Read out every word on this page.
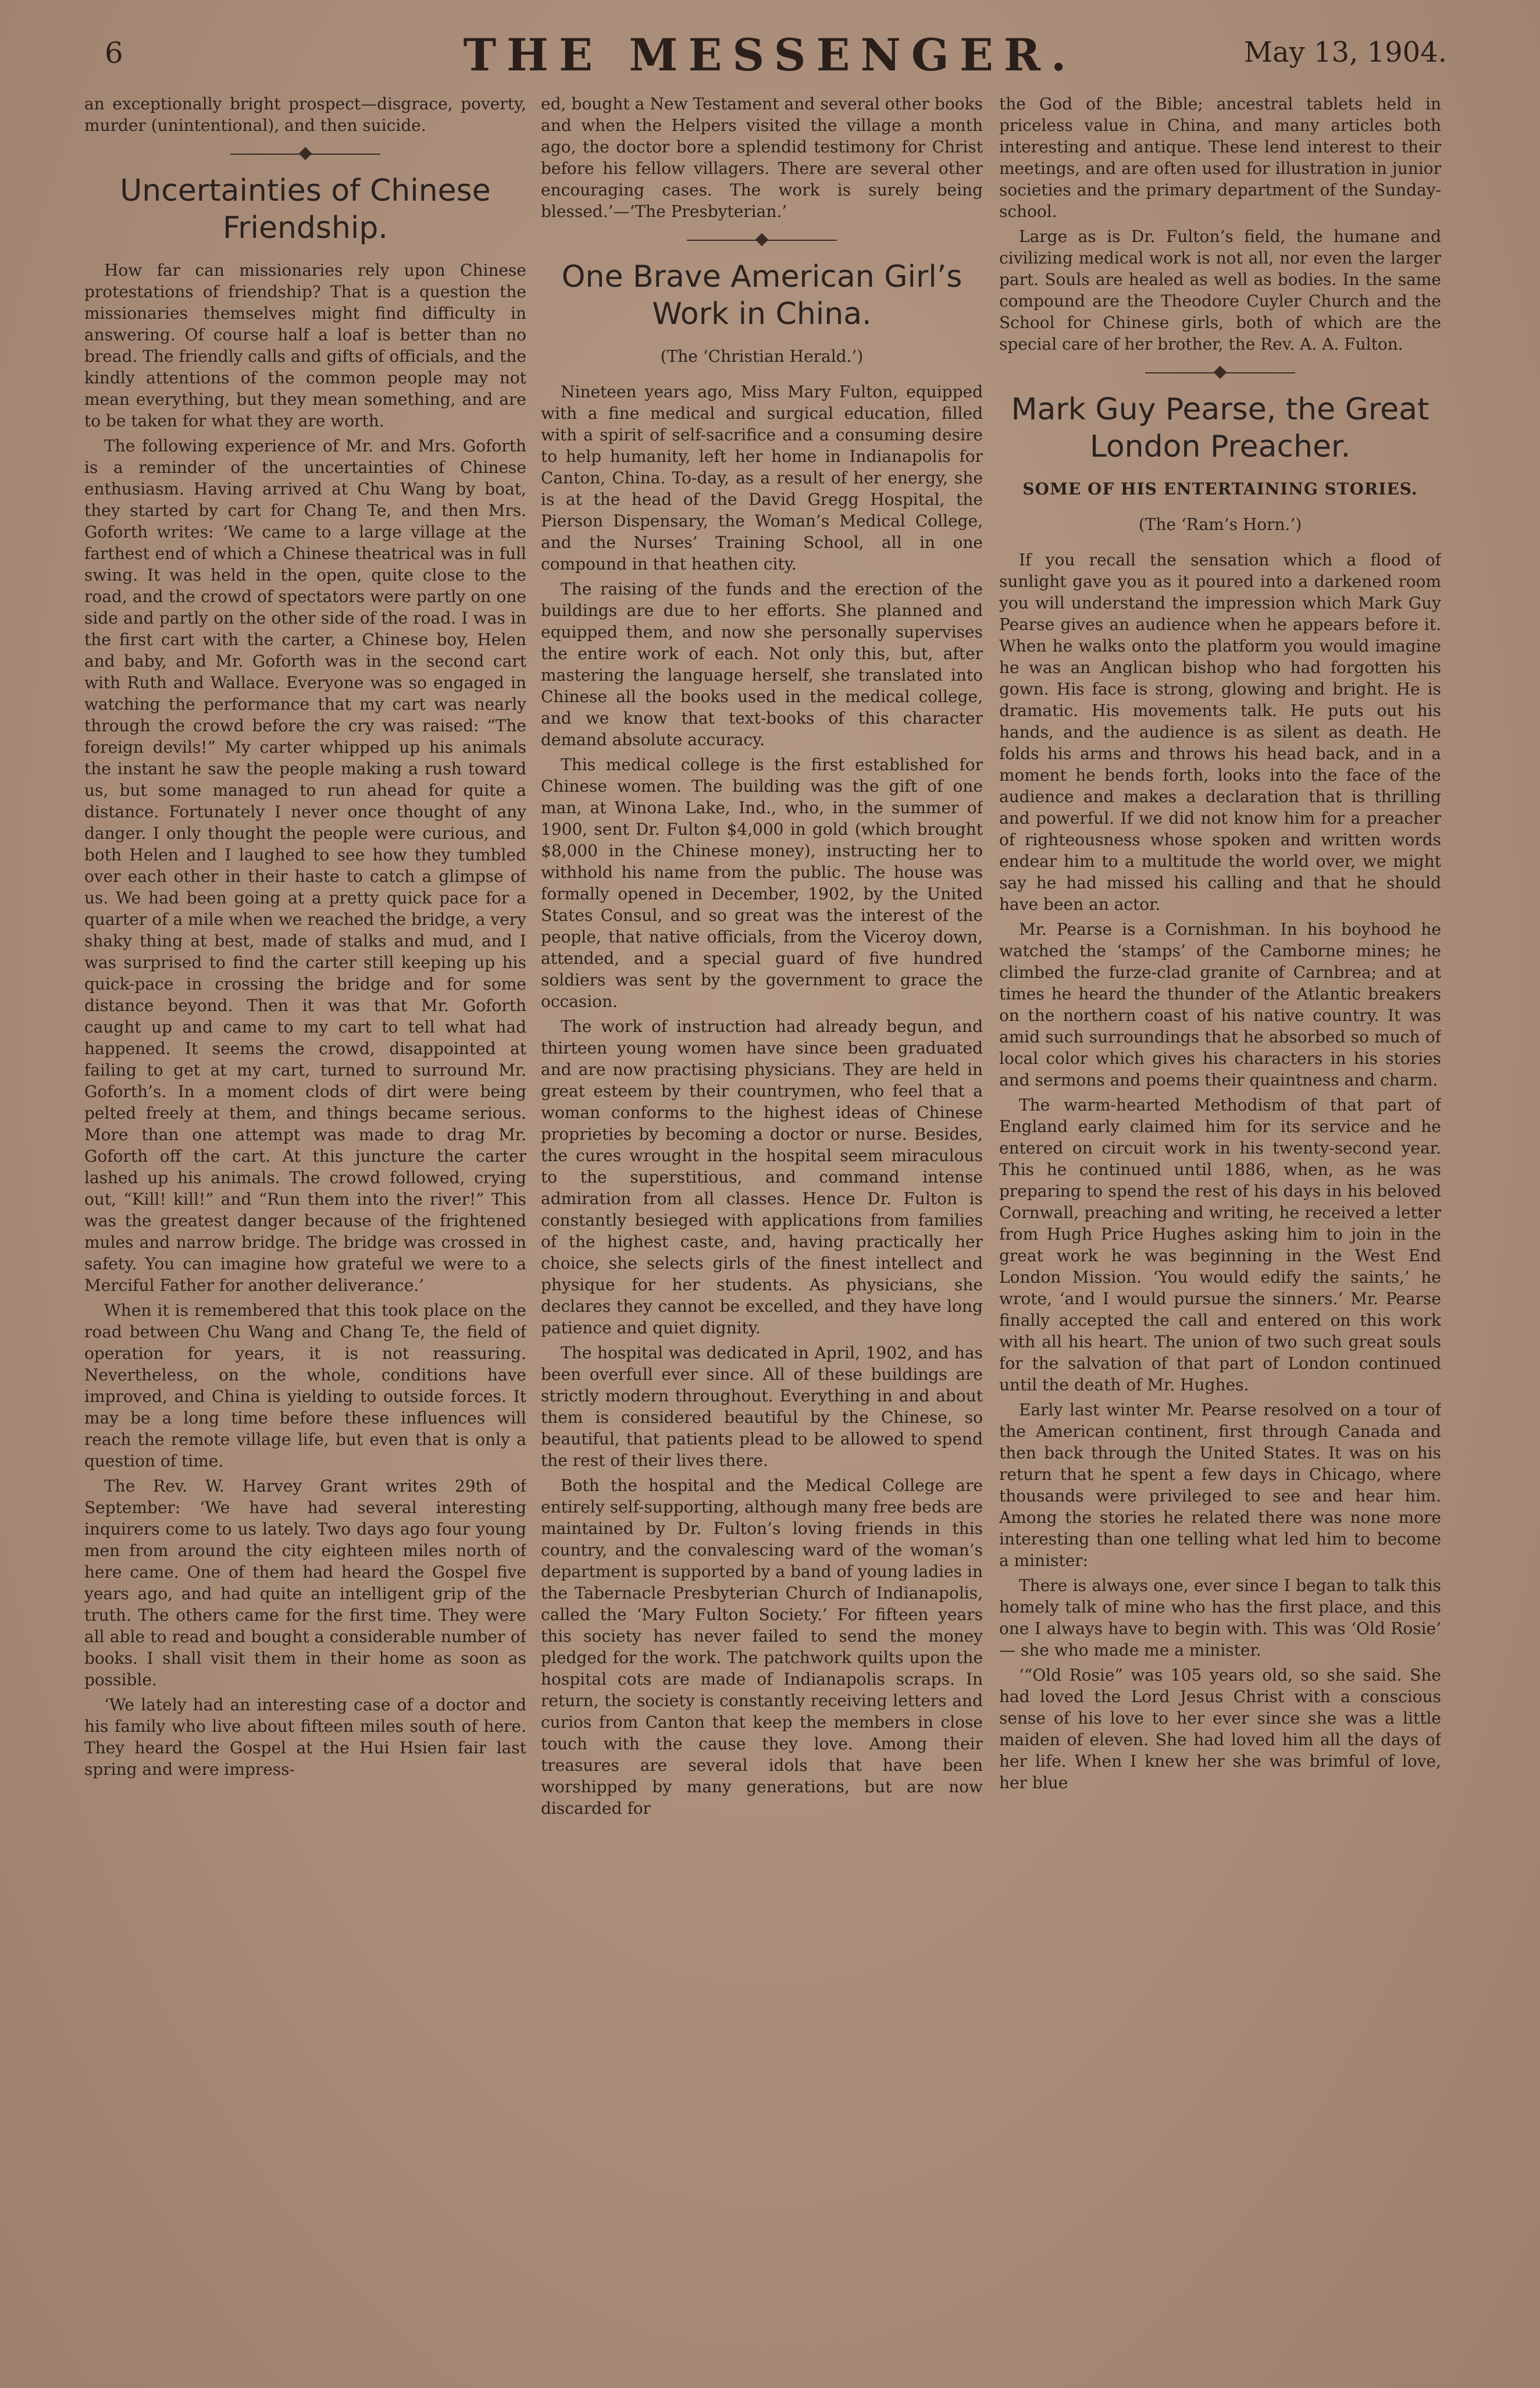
6	THE MESSENGER.	May 13, 1904.

an exceptionally bright prospect—disgrace, poverty, murder (unintentional), and then suicide.

Uncertainties of Chinese Friendship.

How far can missionaries rely upon Chinese protestations of friendship? That is a question the missionaries themselves might find difficulty in answering. Of course half a loaf is better than no bread. The friendly calls and gifts of officials, and the kindly attentions of the common people may not mean everything, but they mean something, and are to be taken for what they are worth.

The following experience of Mr. and Mrs. Goforth is a reminder of the uncertainties of Chinese enthusiasm. Having arrived at Chu Wang by boat, they started by cart for Chang Te, and then Mrs. Goforth writes: ‘We came to a large village at the farthest end of which a Chinese theatrical was in full swing. It was held in the open, quite close to the road, and the crowd of spectators were partly on one side and partly on the other side of the road. I was in the first cart with the carter, a Chinese boy, Helen and baby, and Mr. Goforth was in the second cart with Ruth and Wallace. Everyone was so engaged in watching the performance that my cart was nearly through the crowd before the cry was raised: “The foreign devils!” My carter whipped up his animals the instant he saw the people making a rush toward us, but some managed to run ahead for quite a distance. Fortunately I never once thought of any danger. I only thought the people were curious, and both Helen and I laughed to see how they tumbled over each other in their haste to catch a glimpse of us. We had been going at a pretty quick pace for a quarter of a mile when we reached the bridge, a very shaky thing at best, made of stalks and mud, and I was surprised to find the carter still keeping up his quick-pace in crossing the bridge and for some distance beyond. Then it was that Mr. Goforth caught up and came to my cart to tell what had happened. It seems the crowd, disappointed at failing to get at my cart, turned to surround Mr. Goforth’s. In a moment clods of dirt were being pelted freely at them, and things became serious. More than one attempt was made to drag Mr. Goforth off the cart. At this juncture the carter lashed up his animals. The crowd followed, crying out, “Kill! kill!” and “Run them into the river!” This was the greatest danger because of the frightened mules and narrow bridge. The bridge was crossed in safety. You can imagine how grateful we were to a Merciful Father for another deliverance.’

When it is remembered that this took place on the road between Chu Wang and Chang Te, the field of operation for years, it is not reassuring. Nevertheless, on the whole, conditions have improved, and China is yielding to outside forces. It may be a long time before these influences will reach the remote village life, but even that is only a question of time.

The Rev. W. Harvey Grant writes 29th of September: ‘We have had several interesting inquirers come to us lately. Two days ago four young men from around the city eighteen miles north of here came. One of them had heard the Gospel five years ago, and had quite an intelligent grip of the truth. The others came for the first time. They were all able to read and bought a considerable number of books. I shall visit them in their home as soon as possible.

‘We lately had an interesting case of a doctor and his family who live about fifteen miles south of here. They heard the Gospel at the Hui Hsien fair last spring and were impress-

ed, bought a New Testament and several other books and when the Helpers visited the village a month ago, the doctor bore a splendid testimony for Christ before his fellow villagers. There are several other encouraging cases. The work is surely being blessed.’—‘The Presbyterian.’

One Brave American Girl’s Work in China.
(The ‘Christian Herald.’)

Nineteen years ago, Miss Mary Fulton, equipped with a fine medical and surgical education, filled with a spirit of self-sacrifice and a consuming desire to help humanity, left her home in Indianapolis for Canton, China. To-day, as a result of her energy, she is at the head of the David Gregg Hospital, the Pierson Dispensary, the Woman’s Medical College, and the Nurses’ Training School, all in one compound in that heathen city.

The raising of the funds and the erection of the buildings are due to her efforts. She planned and equipped them, and now she personally supervises the entire work of each. Not only this, but, after mastering the language herself, she translated into Chinese all the books used in the medical college, and we know that text-books of this character demand absolute accuracy.

This medical college is the first established for Chinese women. The building was the gift of one man, at Winona Lake, Ind., who, in the summer of 1900, sent Dr. Fulton $4,000 in gold (which brought $8,000 in the Chinese money), instructing her to withhold his name from the public. The house was formally opened in December, 1902, by the United States Consul, and so great was the interest of the people, that native officials, from the Viceroy down, attended, and a special guard of five hundred soldiers was sent by the government to grace the occasion.

The work of instruction had already begun, and thirteen young women have since been graduated and are now practising physicians. They are held in great esteem by their countrymen, who feel that a woman conforms to the highest ideas of Chinese proprieties by becoming a doctor or nurse. Besides, the cures wrought in the hospital seem miraculous to the superstitious, and command intense admiration from all classes. Hence Dr. Fulton is constantly besieged with applications from families of the highest caste, and, having practically her choice, she selects girls of the finest intellect and physique for her students. As physicians, she declares they cannot be excelled, and they have long patience and quiet dignity.

The hospital was dedicated in April, 1902, and has been overfull ever since. All of these buildings are strictly modern throughout. Everything in and about them is considered beautiful by the Chinese, so beautiful, that patients plead to be allowed to spend the rest of their lives there.

Both the hospital and the Medical College are entirely self-supporting, although many free beds are maintained by Dr. Fulton’s loving friends in this country, and the convalescing ward of the woman’s department is supported by a band of young ladies in the Tabernacle Presbyterian Church of Indianapolis, called the ‘Mary Fulton Society.’ For fifteen years this society has never failed to send the money pledged for the work. The patchwork quilts upon the hospital cots are made of Indianapolis scraps. In return, the society is constantly receiving letters and curios from Canton that keep the members in close touch with the cause they love. Among their treasures are several idols that have been worshipped by many generations, but are now discarded for

the God of the Bible; ancestral tablets held in priceless value in China, and many articles both interesting and antique. These lend interest to their meetings, and are often used for illustration in junior societies and the primary department of the Sunday-school.

Large as is Dr. Fulton’s field, the humane and civilizing medical work is not all, nor even the larger part. Souls are healed as well as bodies. In the same compound are the Theodore Cuyler Church and the School for Chinese girls, both of which are the special care of her brother, the Rev. A. A. Fulton.

Mark Guy Pearse, the Great London Preacher.
SOME OF HIS ENTERTAINING STORIES.
(The ‘Ram’s Horn.’)

If you recall the sensation which a flood of sunlight gave you as it poured into a darkened room you will understand the impression which Mark Guy Pearse gives an audience when he appears before it. When he walks onto the platform you would imagine he was an Anglican bishop who had forgotten his gown. His face is strong, glowing and bright. He is dramatic. His movements talk. He puts out his hands, and the audience is as silent as death. He folds his arms and throws his head back, and in a moment he bends forth, looks into the face of the audience and makes a declaration that is thrilling and powerful. If we did not know him for a preacher of righteousness whose spoken and written words endear him to a multitude the world over, we might say he had missed his calling and that he should have been an actor.

Mr. Pearse is a Cornishman. In his boyhood he watched the ‘stamps’ of the Camborne mines; he climbed the furze-clad granite of Carnbrea; and at times he heard the thunder of the Atlantic breakers on the northern coast of his native country. It was amid such surroundings that he absorbed so much of local color which gives his characters in his stories and sermons and poems their quaintness and charm.

The warm-hearted Methodism of that part of England early claimed him for its service and he entered on circuit work in his twenty-second year. This he continued until 1886, when, as he was preparing to spend the rest of his days in his beloved Cornwall, preaching and writing, he received a letter from Hugh Price Hughes asking him to join in the great work he was beginning in the West End London Mission. ‘You would edify the saints,’ he wrote, ‘and I would pursue the sinners.’ Mr. Pearse finally accepted the call and entered on this work with all his heart. The union of two such great souls for the salvation of that part of London continued until the death of Mr. Hughes.

Early last winter Mr. Pearse resolved on a tour of the American continent, first through Canada and then back through the United States. It was on his return that he spent a few days in Chicago, where thousands were privileged to see and hear him. Among the stories he related there was none more interesting than one telling what led him to become a minister:

There is always one, ever since I began to talk this homely talk of mine who has the first place, and this one I always have to begin with. This was ‘Old Rosie’ — she who made me a minister.

‘“Old Rosie” was 105 years old, so she said. She had loved the Lord Jesus Christ with a conscious sense of his love to her ever since she was a little maiden of eleven. She had loved him all the days of her life. When I knew her she was brimful of love, her blue
